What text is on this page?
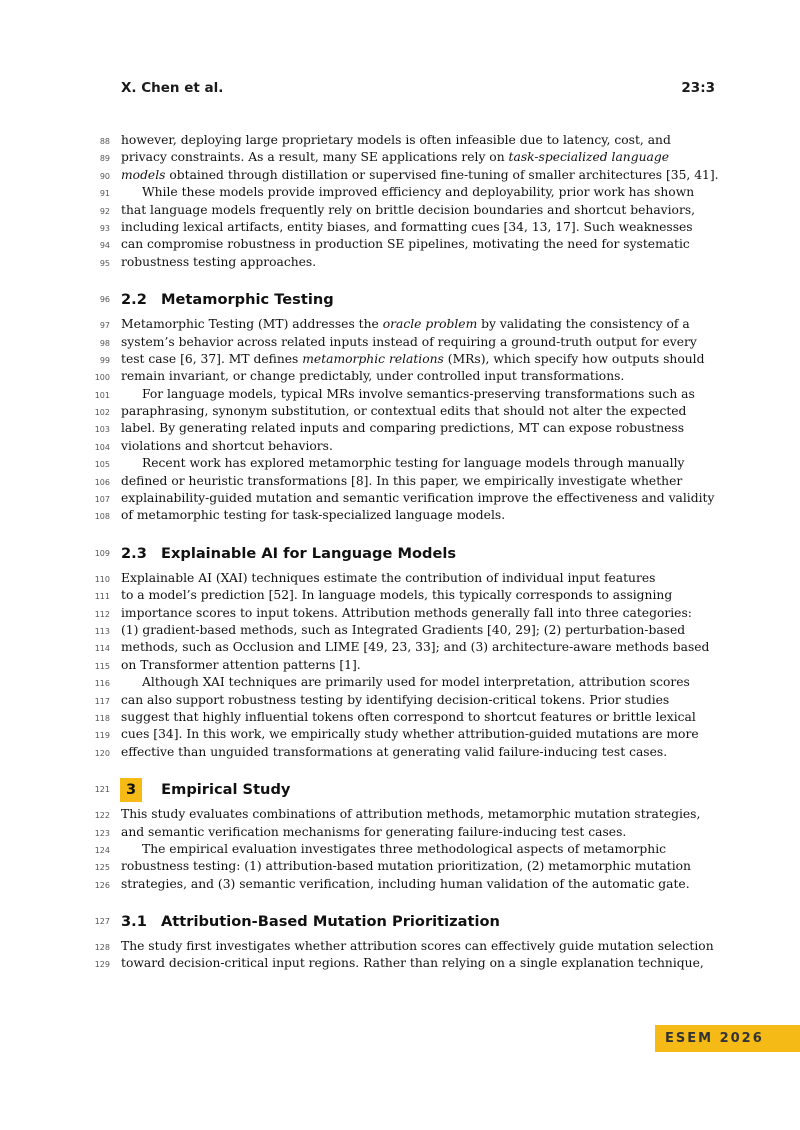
X. Chen et al.	23:3
88 however, deploying large proprietary models is often infeasible due to latency, cost, and
89 privacy constraints. As a result, many SE applications rely on task-specialized language
90 models obtained through distillation or supervised fine-tuning of smaller architectures [35, 41].
91	While these models provide improved efficiency and deployability, prior work has shown
92 that language models frequently rely on brittle decision boundaries and shortcut behaviors,
93 including lexical artifacts, entity biases, and formatting cues [34, 13, 17]. Such weaknesses
94 can compromise robustness in production SE pipelines, motivating the need for systematic
95 robustness testing approaches.
96 2.2 Metamorphic Testing
97 Metamorphic Testing (MT) addresses the oracle problem by validating the consistency of a
98 system’s behavior across related inputs instead of requiring a ground-truth output for every
99 test case [6, 37]. MT defines metamorphic relations (MRs), which specify how outputs should
100 remain invariant, or change predictably, under controlled input transformations.
101	For language models, typical MRs involve semantics-preserving transformations such as
102 paraphrasing, synonym substitution, or contextual edits that should not alter the expected
103 label. By generating related inputs and comparing predictions, MT can expose robustness
104 violations and shortcut behaviors.
105	Recent work has explored metamorphic testing for language models through manually
106 defined or heuristic transformations [8]. In this paper, we empirically investigate whether
107 explainability-guided mutation and semantic verification improve the effectiveness and validity
108 of metamorphic testing for task-specialized language models.
109 2.3 Explainable AI for Language Models
110 Explainable AI (XAI) techniques estimate the contribution of individual input features
111 to a model’s prediction [52]. In language models, this typically corresponds to assigning
112 importance scores to input tokens. Attribution methods generally fall into three categories:
113 (1) gradient-based methods, such as Integrated Gradients [40, 29]; (2) perturbation-based
114 methods, such as Occlusion and LIME [49, 23, 33]; and (3) architecture-aware methods based
115 on Transformer attention patterns [1].
116	Although XAI techniques are primarily used for model interpretation, attribution scores
117 can also support robustness testing by identifying decision-critical tokens. Prior studies
118 suggest that highly influential tokens often correspond to shortcut features or brittle lexical
119 cues [34]. In this work, we empirically study whether attribution-guided mutations are more
120 effective than unguided transformations at generating valid failure-inducing test cases.
121	3 Empirical Study
122 This study evaluates combinations of attribution methods, metamorphic mutation strategies,
123 and semantic verification mechanisms for generating failure-inducing test cases.
124	The empirical evaluation investigates three methodological aspects of metamorphic
125 robustness testing: (1) attribution-based mutation prioritization, (2) metamorphic mutation
126 strategies, and (3) semantic verification, including human validation of the automatic gate.
127 3.1 Attribution-Based Mutation Prioritization
128 The study first investigates whether attribution scores can effectively guide mutation selection
129 toward decision-critical input regions. Rather than relying on a single explanation technique,
ESEM 2026
